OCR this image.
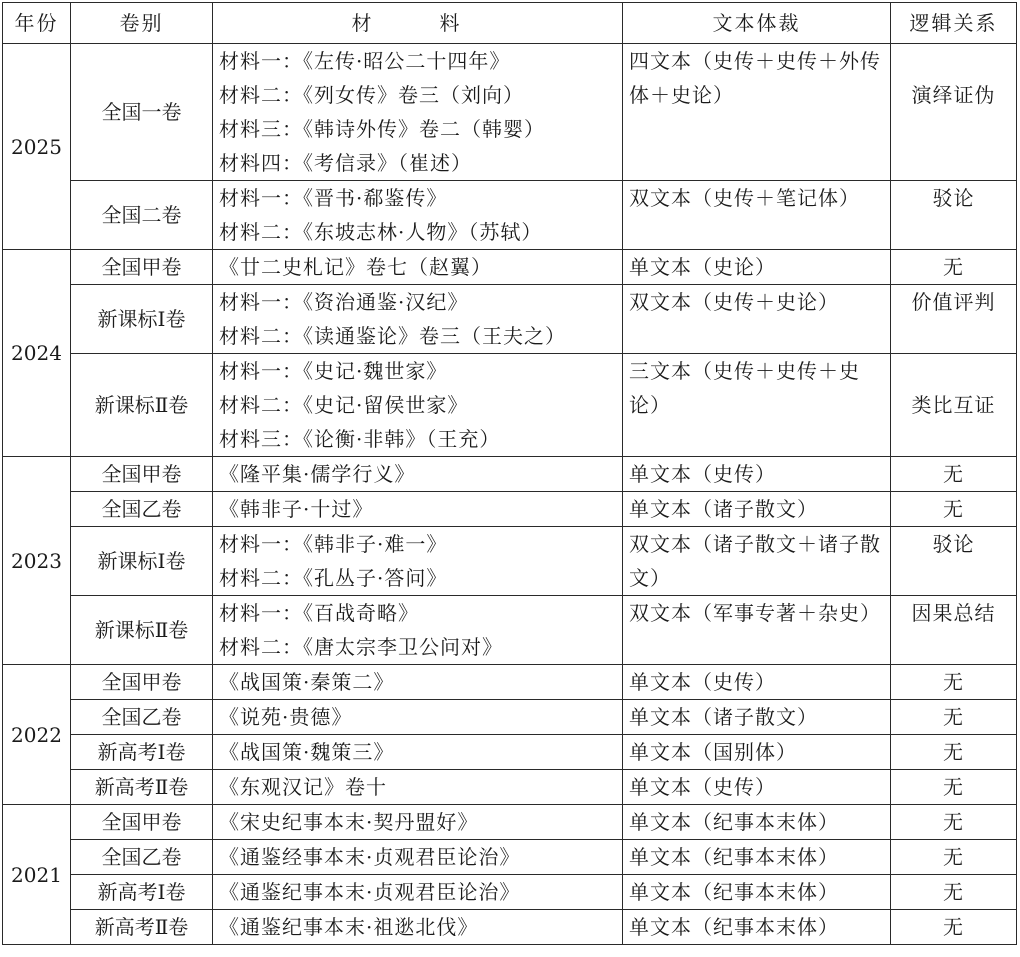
年份	卷别	材　料	文本体裁	逻辑关系
2025	全国一卷	材料一：《左传·昭公二十四年》
材料二：《列女传》卷三（刘向）
材料三：《韩诗外传》卷二（韩婴）
材料四：《考信录》（崔述）	四文本（史传＋史传＋外传体＋史论）	演绎证伪

	全国二卷	材料一：《晋书·郗鉴传》
材料二：《东坡志林·人物》（苏轼）	双文本（史传＋笔记体）	驳论
2024	全国甲卷	《廿二史札记》卷七（赵翼）	单文本（史论）	无
	新课标Ⅰ卷	材料一：《资治通鉴·汉纪》
材料二：《读通鉴论》卷三（王夫之）	双文本（史传＋史论）	价值评判
	新课标Ⅱ卷	材料一：《史记·魏世家》
材料二：《史记·留侯世家》
材料三：《论衡·非韩》（王充）	三文本（史传＋史传＋史论）	类比互证
2023	全国甲卷	《隆平集·儒学行义》	单文本（史传）	无
	全国乙卷	《韩非子·十过》	单文本（诸子散文）	无
	新课标Ⅰ卷	材料一：《韩非子·难一》
材料二：《孔丛子·答问》	双文本（诸子散文＋诸子散文）	驳论
	新课标Ⅱ卷	材料一：《百战奇略》
材料二：《唐太宗李卫公问对》	双文本（军事专著＋杂史）	因果总结
2022	全国甲卷	《战国策·秦策二》	单文本（史传）	无
	全国乙卷	《说苑·贵德》	单文本（诸子散文）	无
	新高考Ⅰ卷	《战国策·魏策三》	单文本（国别体）	无
	新高考Ⅱ卷	《东观汉记》卷十	单文本（史传）	无
2021	全国甲卷	《宋史纪事本末·契丹盟好》	单文本（纪事本末体）	无
	全国乙卷	《通鉴经事本末·贞观君臣论治》	单文本（纪事本末体）	无
	新高考Ⅰ卷	《通鉴纪事本末·贞观君臣论治》	单文本（纪事本末体）	无
	新高考Ⅱ卷	《通鉴纪事本末·祖逖北伐》	单文本（纪事本末体）	无
